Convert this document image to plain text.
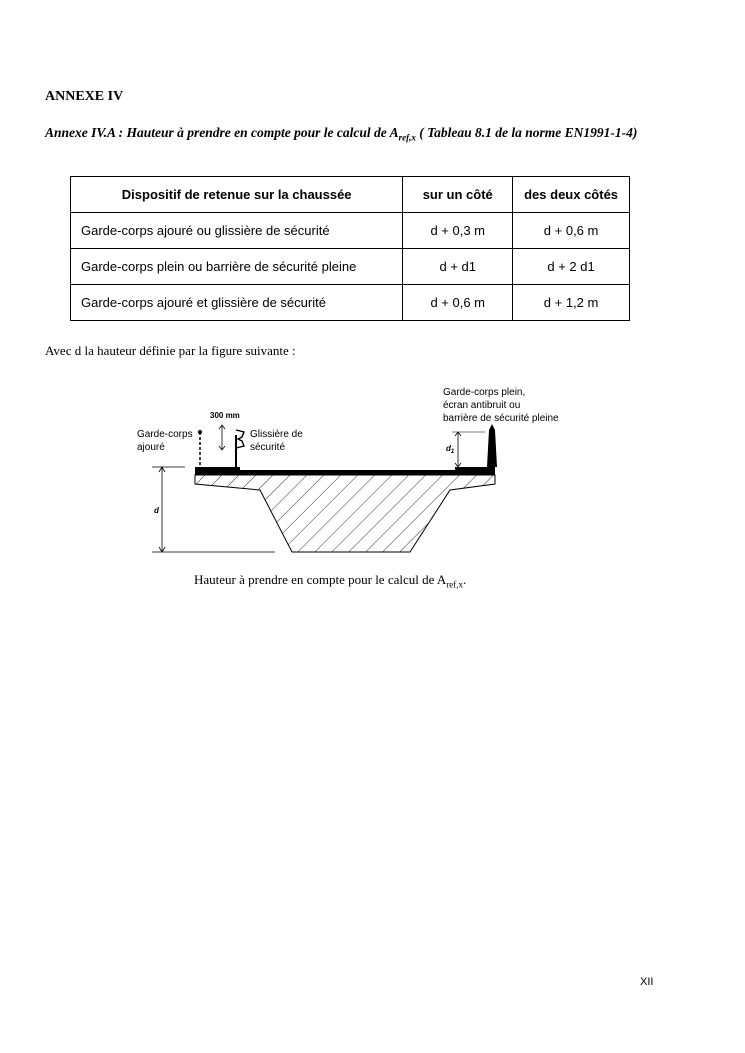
ANNEXE IV
Annexe IV.A : Hauteur à prendre en compte pour le calcul de $A_{ref,x}$ ( Tableau 8.1 de la norme EN1991-1-4)
Dispositif de retenue sur la chaussée	sur un côté	des deux côtés
Garde-corps ajouré ou glissière de sécurité	d + 0,3 m	d + 0,6 m
Garde-corps plein ou barrière de sécurité pleine	d + d1	d + 2 d1
Garde-corps ajouré et glissière de sécurité	d + 0,6 m	d + 1,2 m
Avec d la hauteur définie par la figure suivante :
300 mm
Garde-corps
ajouré
Glissière de
sécurité
Garde-corps plein,
écran antibruit ou
barrière de sécurité pleine
$d_1$
d
Hauteur à prendre en compte pour le calcul de $A_{ref,x}$.
XII
